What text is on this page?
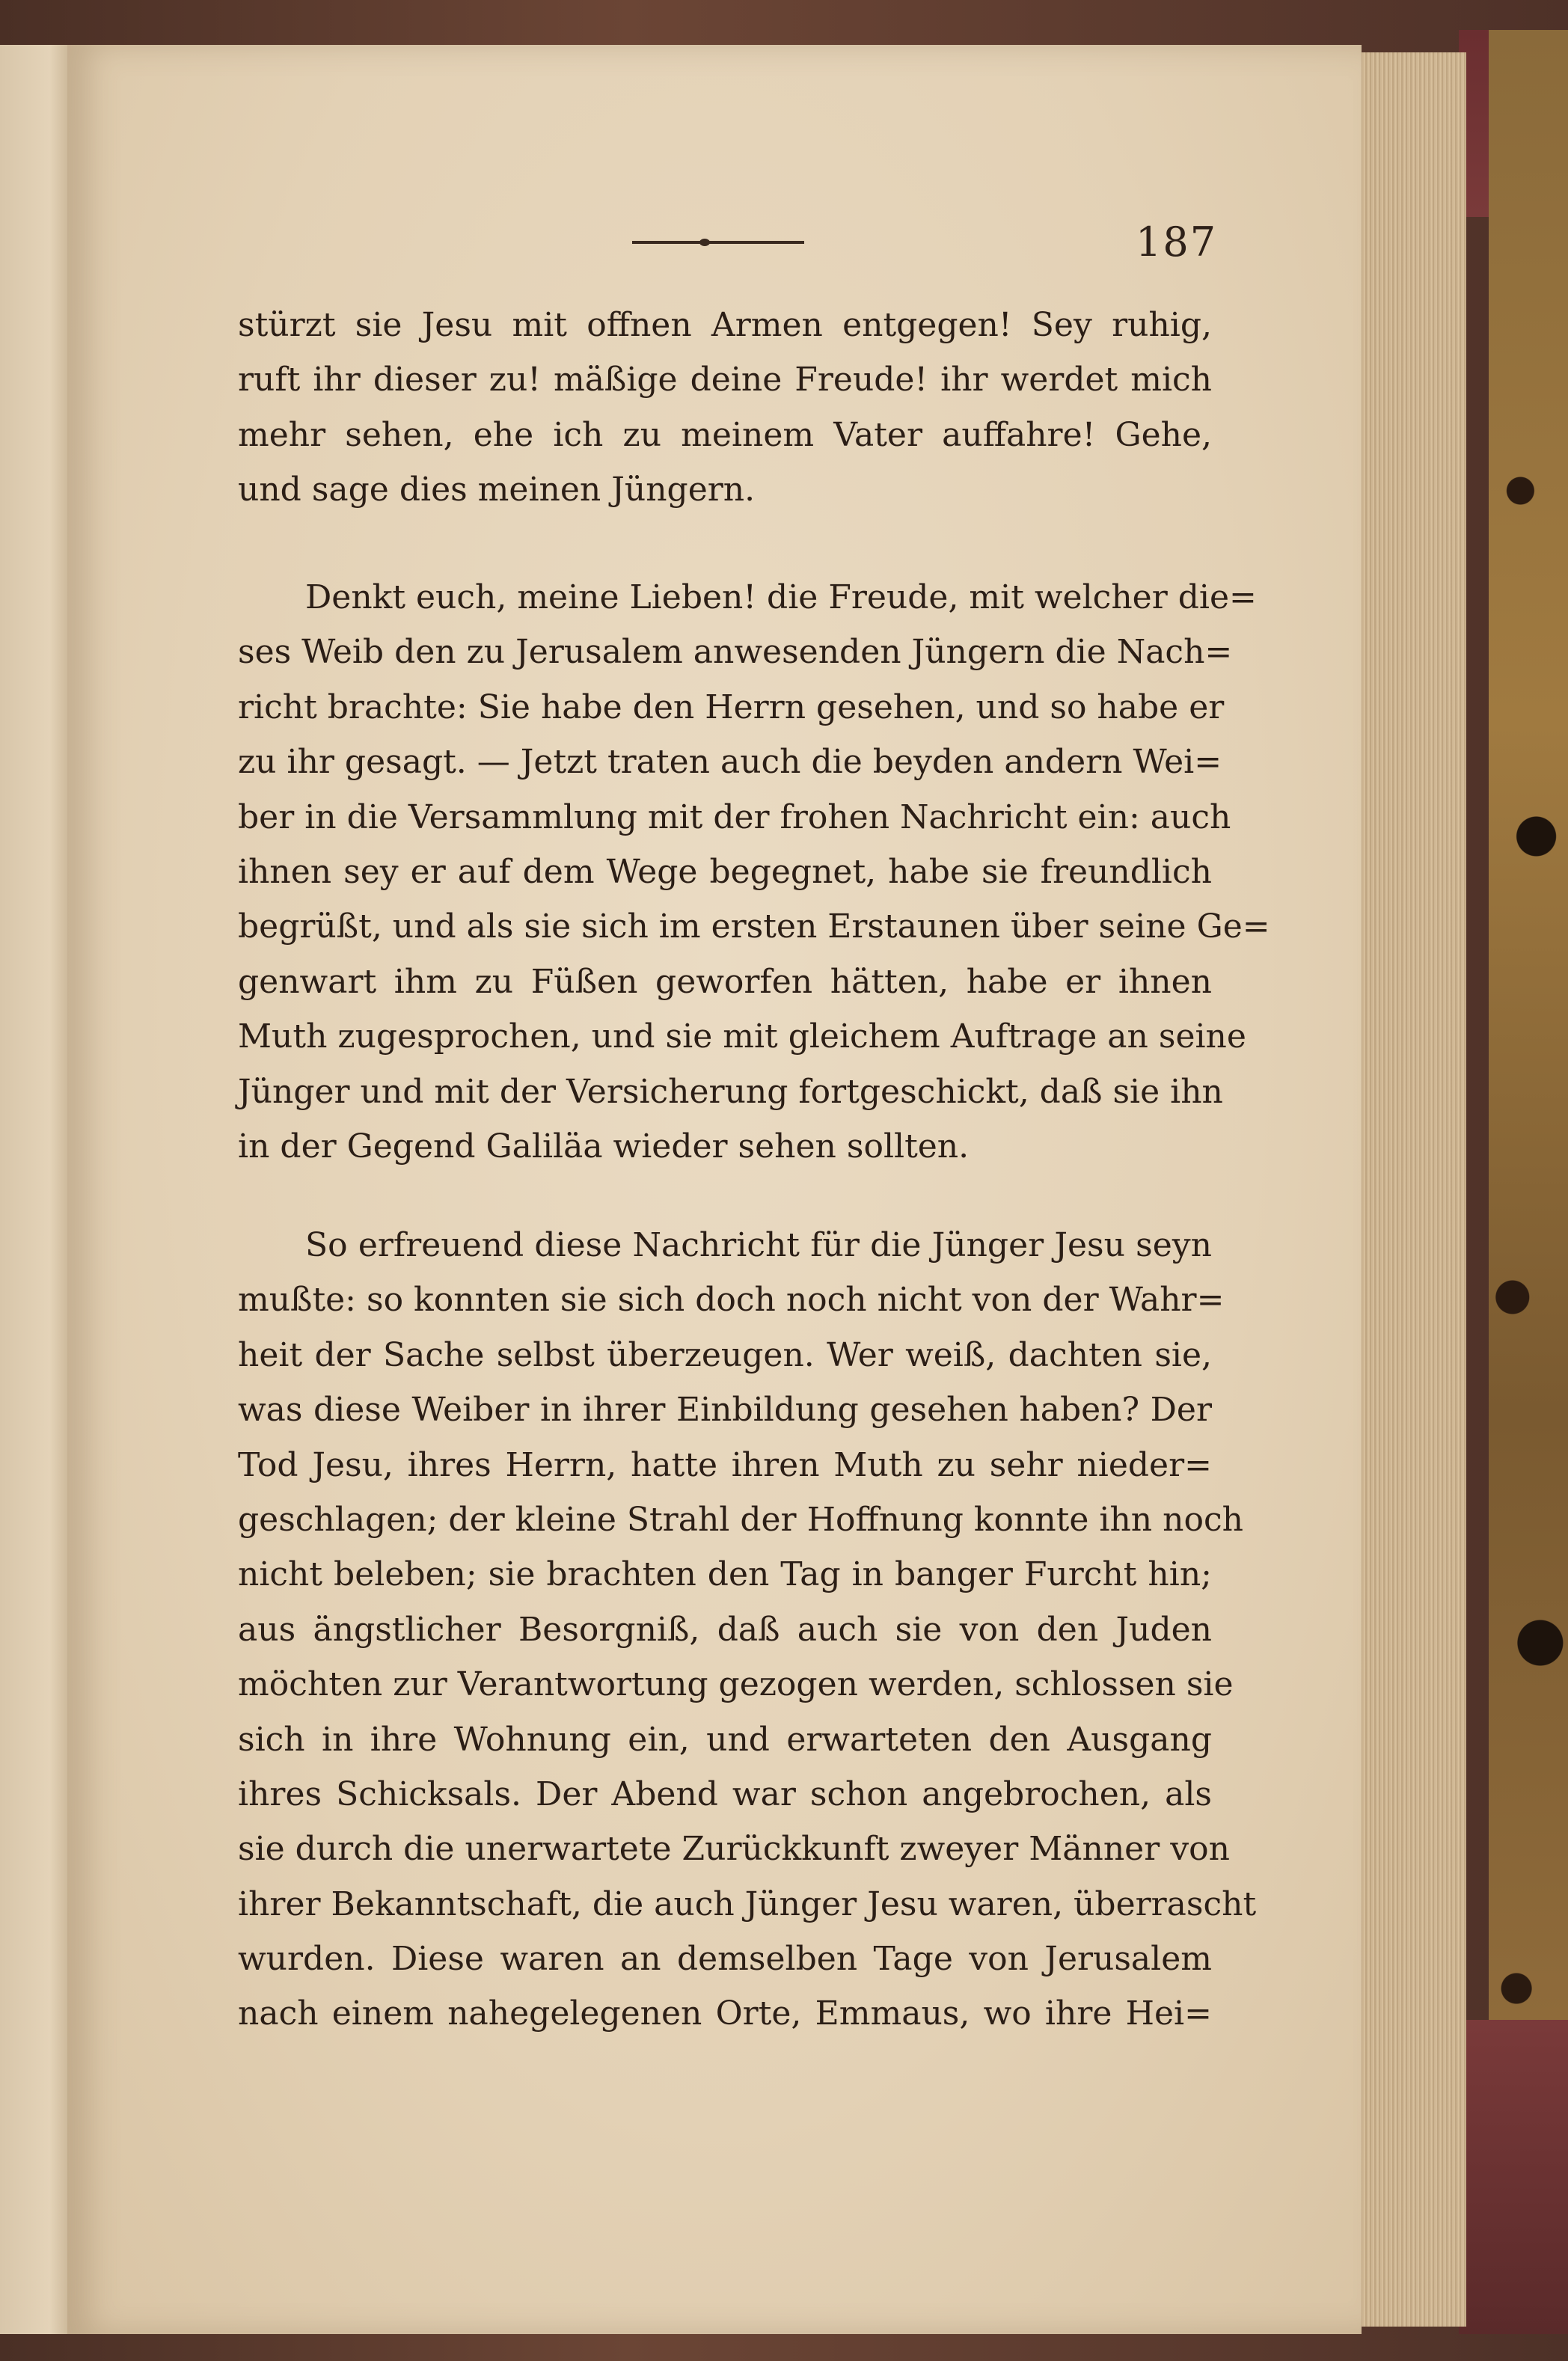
187
stürzt sie Jesu mit offnen Armen entgegen! Sey ruhig,
ruft ihr dieser zu! mäßige deine Freude! ihr werdet mich
mehr sehen, ehe ich zu meinem Vater auffahre! Gehe,
und sage dies meinen Jüngern.
Denkt euch, meine Lieben! die Freude, mit welcher die=
ses Weib den zu Jerusalem anwesenden Jüngern die Nach=
richt brachte: Sie habe den Herrn gesehen, und so habe er
zu ihr gesagt. — Jetzt traten auch die beyden andern Wei=
ber in die Versammlung mit der frohen Nachricht ein: auch
ihnen sey er auf dem Wege begegnet, habe sie freundlich
begrüßt, und als sie sich im ersten Erstaunen über seine Ge=
genwart ihm zu Füßen geworfen hätten, habe er ihnen
Muth zugesprochen, und sie mit gleichem Auftrage an seine
Jünger und mit der Versicherung fortgeschickt, daß sie ihn
in der Gegend Galiläa wieder sehen sollten.
So erfreuend diese Nachricht für die Jünger Jesu seyn
mußte: so konnten sie sich doch noch nicht von der Wahr=
heit der Sache selbst überzeugen. Wer weiß, dachten sie,
was diese Weiber in ihrer Einbildung gesehen haben? Der
Tod Jesu, ihres Herrn, hatte ihren Muth zu sehr nieder=
geschlagen; der kleine Strahl der Hoffnung konnte ihn noch
nicht beleben; sie brachten den Tag in banger Furcht hin;
aus ängstlicher Besorgniß, daß auch sie von den Juden
möchten zur Verantwortung gezogen werden, schlossen sie
sich in ihre Wohnung ein, und erwarteten den Ausgang
ihres Schicksals. Der Abend war schon angebrochen, als
sie durch die unerwartete Zurückkunft zweyer Männer von
ihrer Bekanntschaft, die auch Jünger Jesu waren, überrascht
wurden. Diese waren an demselben Tage von Jerusalem
nach einem nahegelegenen Orte, Emmaus, wo ihre Hei=
